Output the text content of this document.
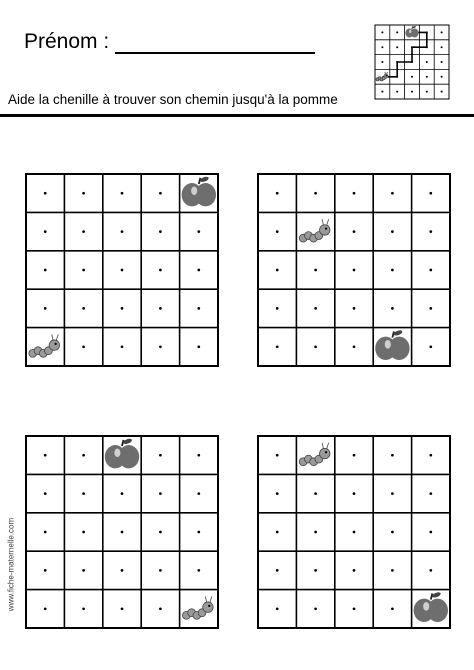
Prénom :
Aide la chenille à trouver son chemin jusqu'à la pomme
www.fiche-maternelle.com
